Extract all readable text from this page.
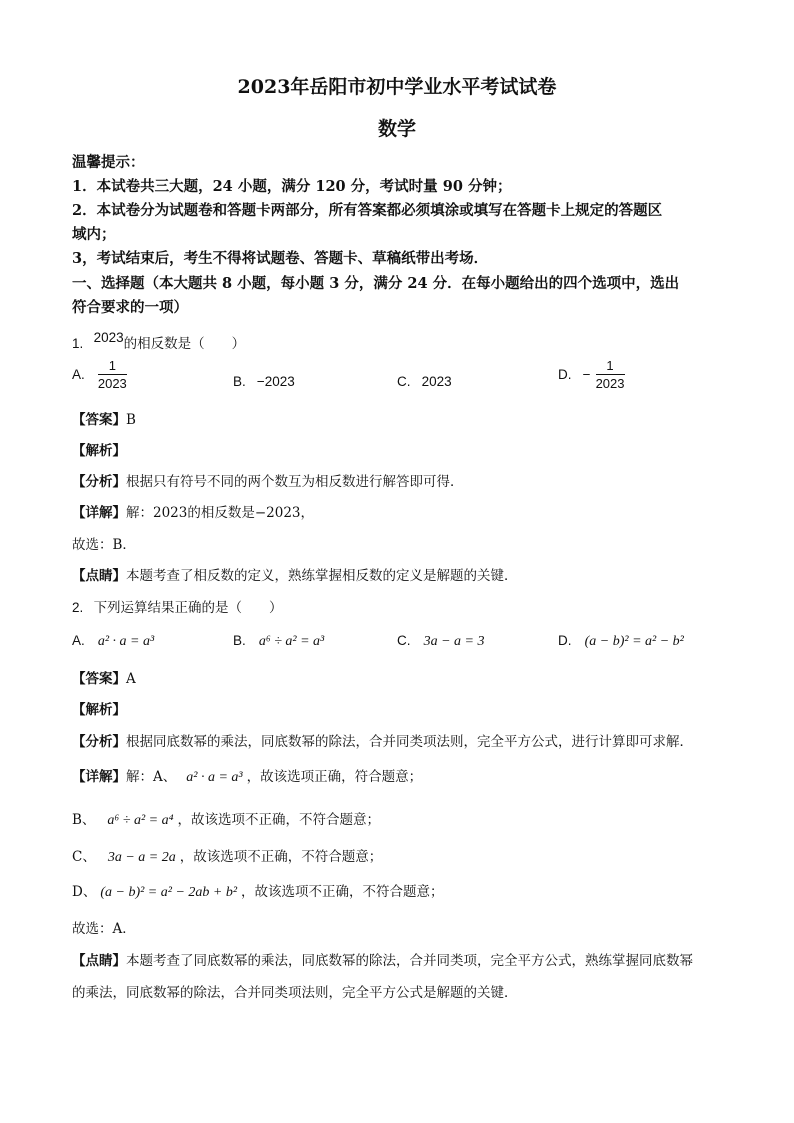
2023年岳阳市初中学业水平考试试卷
数学
温馨提示：
1．本试卷共三大题，24 小题，满分 120 分，考试时量 90 分钟；
2．本试卷分为试题卷和答题卡两部分，所有答案都必须填涂或填写在答题卡上规定的答题区
域内；
3，考试结束后，考生不得将试题卷、答题卡、草稿纸带出考场．
一、选择题（本大题共 8 小题，每小题 3 分，满分 24 分．在每小题给出的四个选项中，选出
符合要求的一项）
1. 2023的相反数是（　　）
A. $\frac{1}{2023}$	B. −2023	C. 2023	D. − $\frac{1}{2023}$
【答案】B
【解析】
【分析】根据只有符号不同的两个数互为相反数进行解答即可得．
【详解】解：2023的相反数是−2023，
故选：B．
【点睛】本题考查了相反数的定义，熟练掌握相反数的定义是解题的关键．
2. 下列运算结果正确的是（　　）
A. a² · a = a³	B. a⁶ ÷ a² = a³	C. 3a − a = 3	D. (a − b)² = a² − b²
【答案】A
【解析】
【分析】根据同底数幂的乘法，同底数幂的除法，合并同类项法则，完全平方公式，进行计算即可求解．
【详解】解：A、 a² · a = a³ ，故该选项正确，符合题意；
B、 a⁶ ÷ a² = a⁴ ，故该选项不正确，不符合题意；
C、 3a − a = 2a ，故该选项不正确，不符合题意；
D、 (a − b)² = a² − 2ab + b² ，故该选项不正确，不符合题意；
故选：A．
【点睛】本题考查了同底数幂的乘法，同底数幂的除法，合并同类项，完全平方公式，熟练掌握同底数幂
的乘法，同底数幂的除法，合并同类项法则，完全平方公式是解题的关键．
